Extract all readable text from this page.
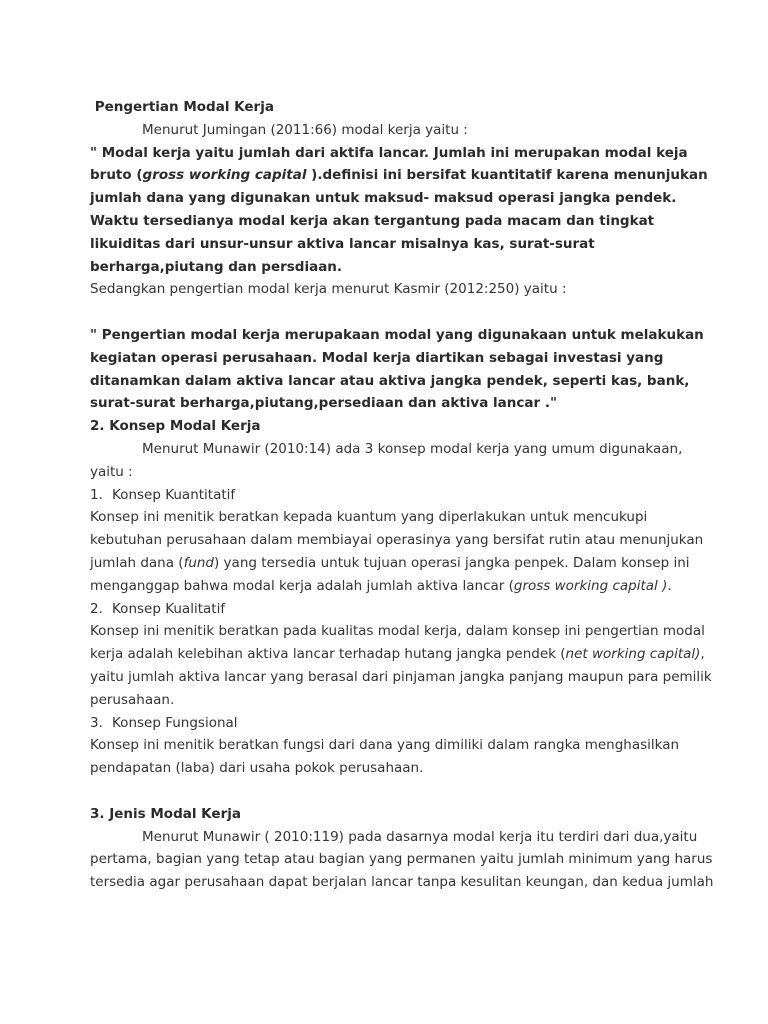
Pengertian Modal Kerja

Menurut Jumingan (2011:66) modal kerja yaitu :

" Modal kerja yaitu jumlah dari aktifa lancar. Jumlah ini merupakan modal keja

bruto (gross working capital ).definisi ini bersifat kuantitatif karena menunjukan

jumlah dana yang digunakan untuk maksud- maksud operasi jangka pendek.

Waktu tersedianya modal kerja akan tergantung pada macam dan tingkat

likuiditas dari unsur-unsur aktiva lancar misalnya kas, surat-surat

berharga,piutang dan persdiaan.

Sedangkan pengertian modal kerja menurut Kasmir (2012:250) yaitu :

" Pengertian modal kerja merupakaan modal yang digunakaan untuk melakukan

kegiatan operasi perusahaan. Modal kerja diartikan sebagai investasi yang

ditanamkan dalam aktiva lancar atau aktiva jangka pendek, seperti kas, bank,

surat-surat berharga,piutang,persediaan dan aktiva lancar ."

2. Konsep Modal Kerja

Menurut Munawir (2010:14) ada 3 konsep modal kerja yang umum digunakaan,

yaitu :

1. Konsep Kuantitatif

Konsep ini menitik beratkan kepada kuantum yang diperlakukan untuk mencukupi

kebutuhan perusahaan dalam membiayai operasinya yang bersifat rutin atau menunjukan

jumlah dana (fund) yang tersedia untuk tujuan operasi jangka penpek. Dalam konsep ini

menganggap bahwa modal kerja adalah jumlah aktiva lancar (gross working capital ).

2. Konsep Kualitatif

Konsep ini menitik beratkan pada kualitas modal kerja, dalam konsep ini pengertian modal

kerja adalah kelebihan aktiva lancar terhadap hutang jangka pendek (net working capital),

yaitu jumlah aktiva lancar yang berasal dari pinjaman jangka panjang maupun para pemilik

perusahaan.

3. Konsep Fungsional

Konsep ini menitik beratkan fungsi dari dana yang dimiliki dalam rangka menghasilkan

pendapatan (laba) dari usaha pokok perusahaan.

3. Jenis Modal Kerja

Menurut Munawir ( 2010:119) pada dasarnya modal kerja itu terdiri dari dua,yaitu

pertama, bagian yang tetap atau bagian yang permanen yaitu jumlah minimum yang harus

tersedia agar perusahaan dapat berjalan lancar tanpa kesulitan keungan, dan kedua jumlah
